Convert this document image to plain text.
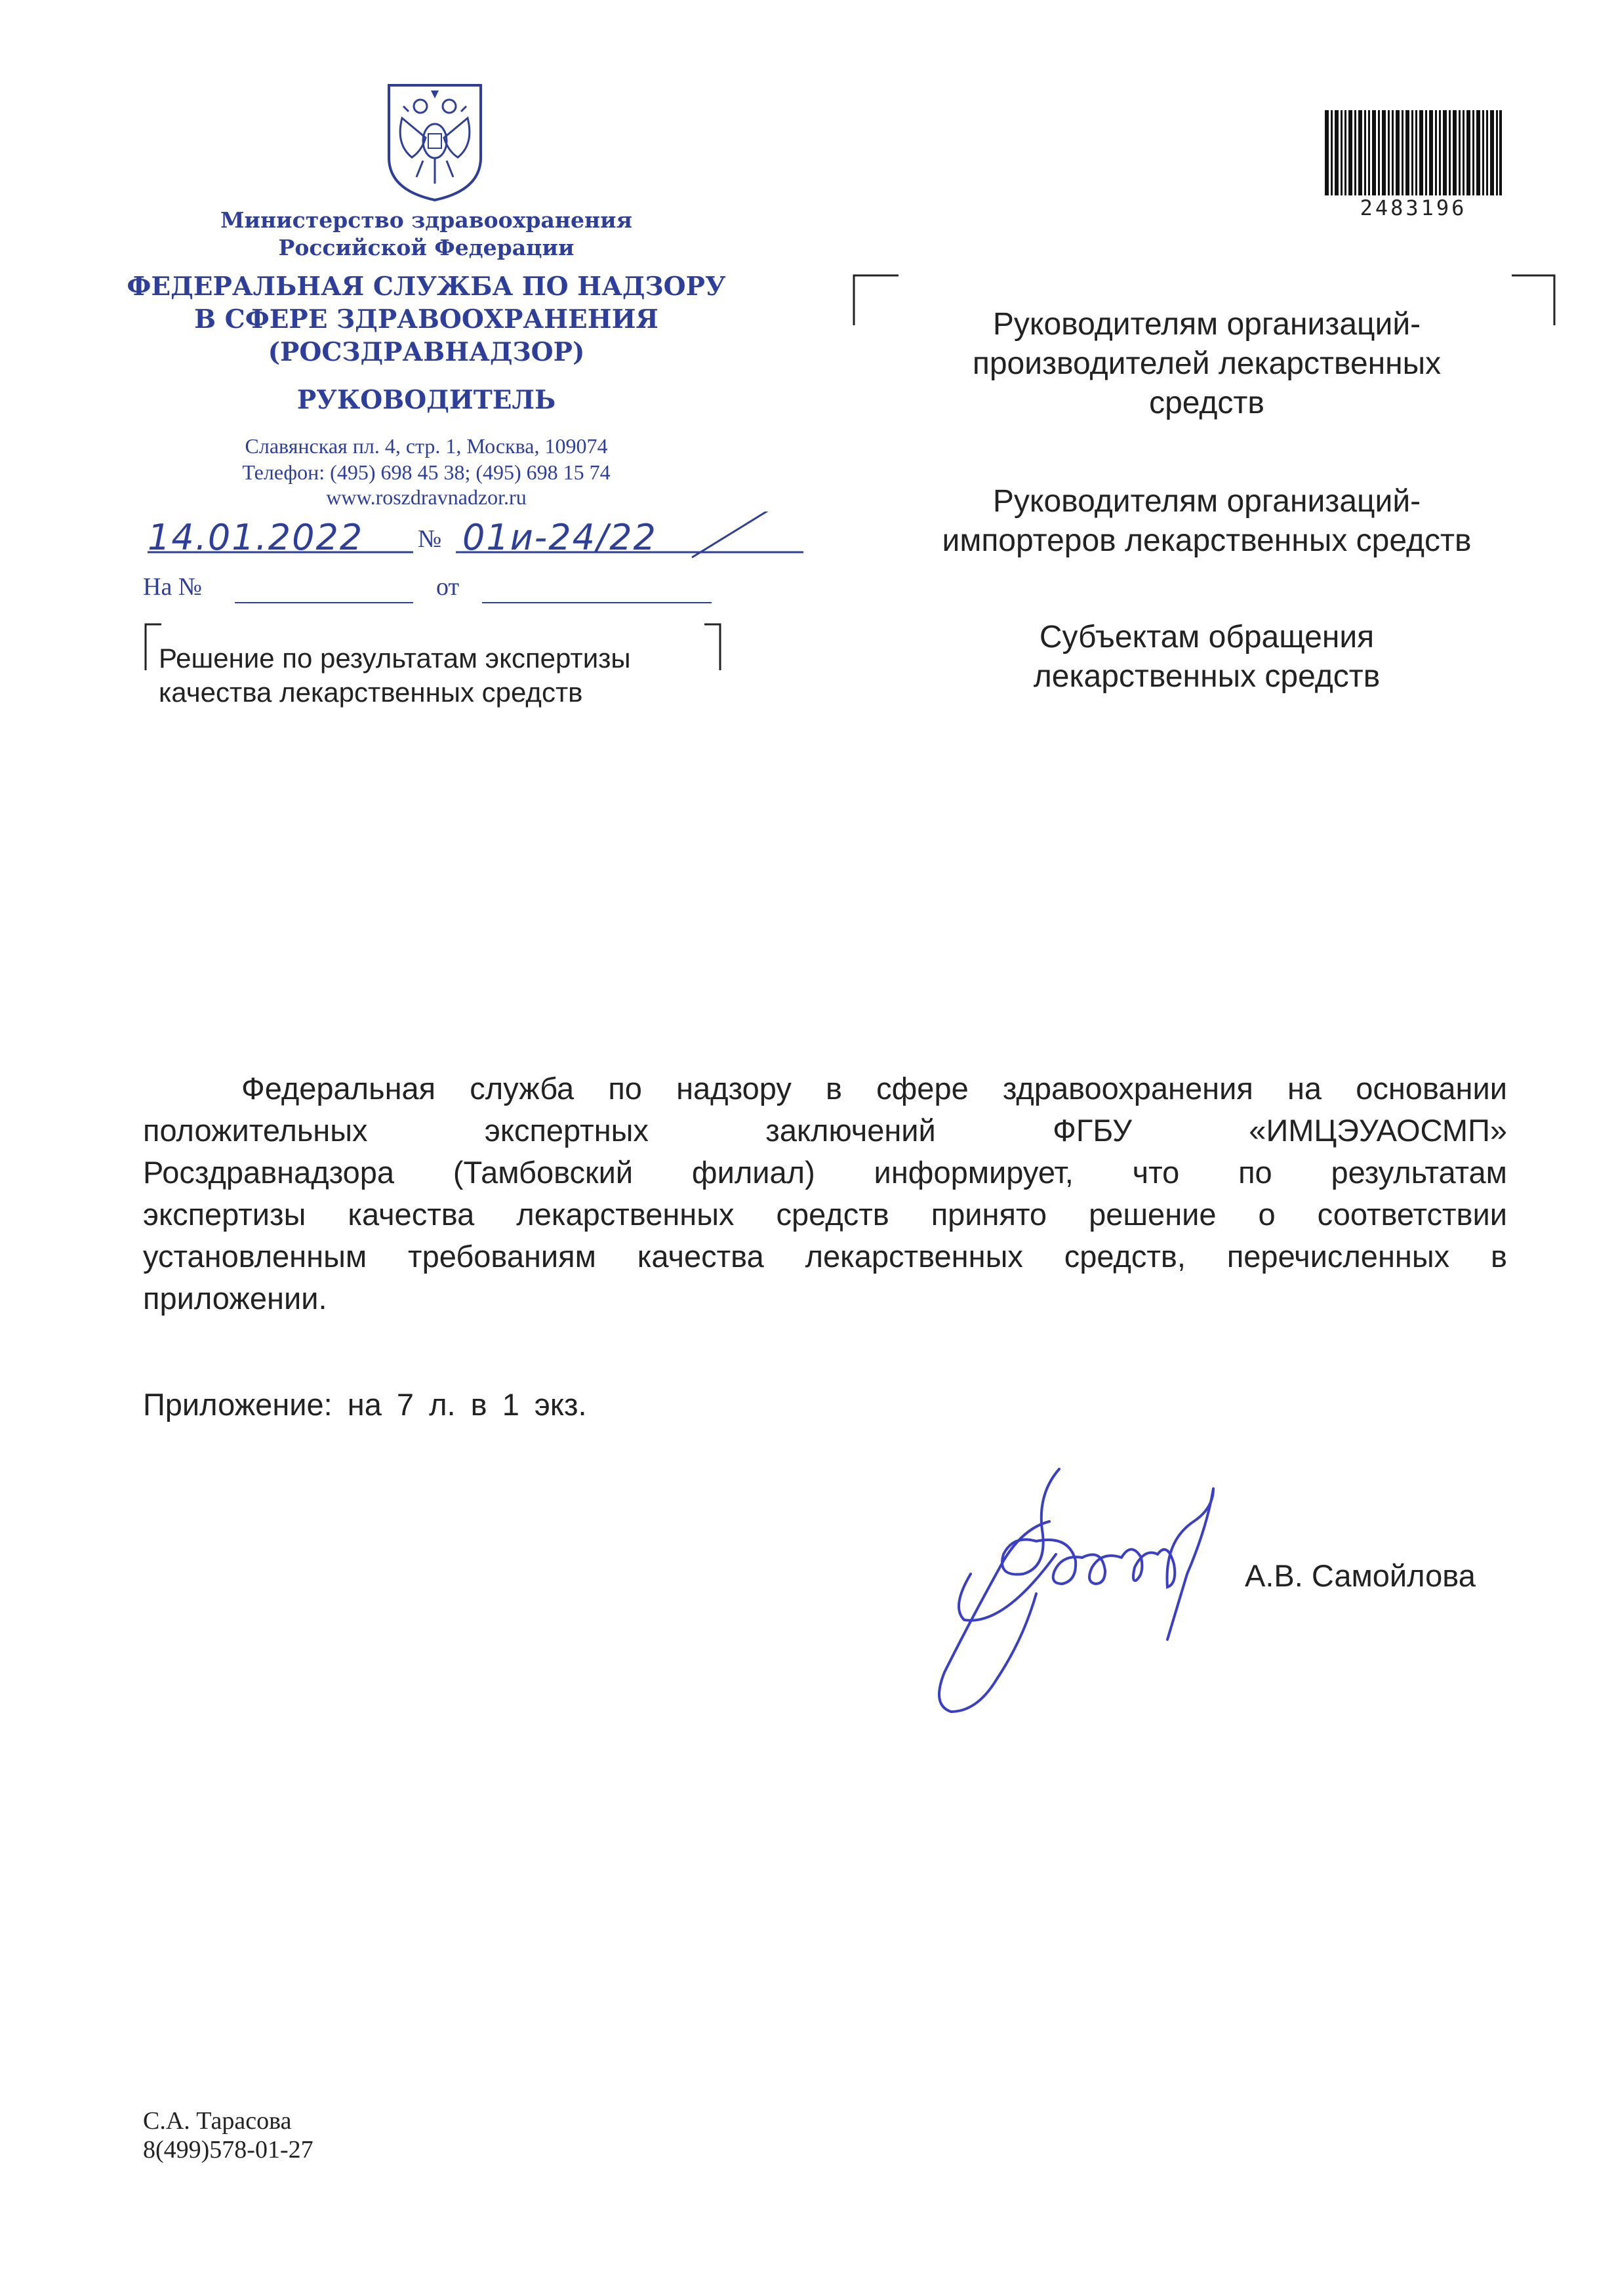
Министерство здравоохранения
Российской Федерации
ФЕДЕРАЛЬНАЯ СЛУЖБА ПО НАДЗОРУ
В СФЕРЕ ЗДРАВООХРАНЕНИЯ
(РОСЗДРАВНАДЗОР)
РУКОВОДИТЕЛЬ
Славянская пл. 4, стр. 1, Москва, 109074
Телефон: (495) 698 45 38; (495) 698 15 74
www.roszdravnadzor.ru
14.01.2022 № 01и-24/22
На №	от
Решение по результатам экспертизы
качества лекарственных средств
2483196
Руководителям организаций-
производителей лекарственных
средств
Руководителям организаций-
импортеров лекарственных средств
Субъектам обращения
лекарственных средств
Федеральная служба по надзору в сфере здравоохранения на основании
положительных экспертных заключений ФГБУ «ИМЦЭУАОСМП»
Росздравнадзора (Тамбовский филиал) информирует, что по результатам
экспертизы качества лекарственных средств принято решение о соответствии
установленным требованиям качества лекарственных средств, перечисленных в
приложении.
Приложение: на 7 л. в 1 экз.
А.В. Самойлова
С.А. Тарасова
8(499)578-01-27
